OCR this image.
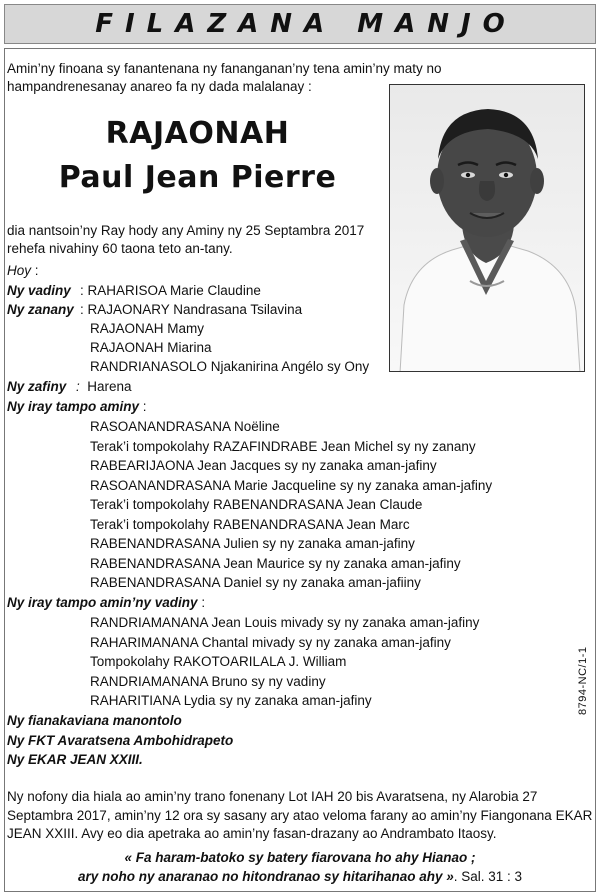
FILAZANA MANJO
Amin’ny finoana sy fanantenana ny fananganan’ny tena amin’ny maty no hampandrenesanay anareo fa ny dada malalanay :
RAJAONAH
Paul Jean Pierre
dia nantsoin’ny Ray hody any Aminy ny 25 Septambra 2017 rehefa nivahiny 60 taona teto an-tany.
Hoy :
Ny vadiny : RAHARISOA Marie Claudine
Ny zanany : RAJAONARY Nandrasana Tsilavina
RAJAONAH Mamy
RAJAONAH Miarina
RANDRIANASOLO Njakanirina Angélo sy Ony
Ny zafiny : Harena
Ny iray tampo aminy :
RASOANANDRASANA Noëline
Terak’i tompokolahy RAZAFINDRABE Jean Michel sy ny zanany
RABEARIJAONA Jean Jacques sy ny zanaka aman-jafiny
RASOANANDRASANA Marie Jacqueline sy ny zanaka aman-jafiny
Terak’i tompokolahy RABENANDRASANA Jean Claude
Terak’i tompokolahy RABENANDRASANA Jean Marc
RABENANDRASANA Julien sy ny zanaka aman-jafiny
RABENANDRASANA Jean Maurice sy ny zanaka aman-jafiny
RABENANDRASANA Daniel sy ny zanaka aman-jafiiny
Ny iray tampo amin’ny vadiny :
RANDRIAMANANA Jean Louis mivady sy ny zanaka aman-jafiny
RAHARIMANANA Chantal mivady sy ny zanaka aman-jafiny
Tompokolahy RAKOTOARILALA J. William
RANDRIAMANANA Bruno sy ny vadiny
RAHARITIANA Lydia sy ny zanaka aman-jafiny
Ny fianakaviana manontolo
Ny FKT Avaratsena Ambohidrapeto
Ny EKAR JEAN XXIII.
8794-NC/1-1
Ny nofony dia hiala ao amin’ny trano fonenany Lot IAH 20 bis Avaratsena, ny Alarobia 27 Septambra 2017, amin’ny 12 ora sy sasany ary atao veloma farany ao amin’ny Fiangonana EKAR JEAN XXIII. Avy eo dia apetraka ao amin’ny fasan-drazany ao Andrambato Itaosy.
« Fa haram-batoko sy batery fiarovana ho ahy Hianao ;
ary noho ny anaranao no hitondranao sy hitarihanao ahy ». Sal. 31 : 3
